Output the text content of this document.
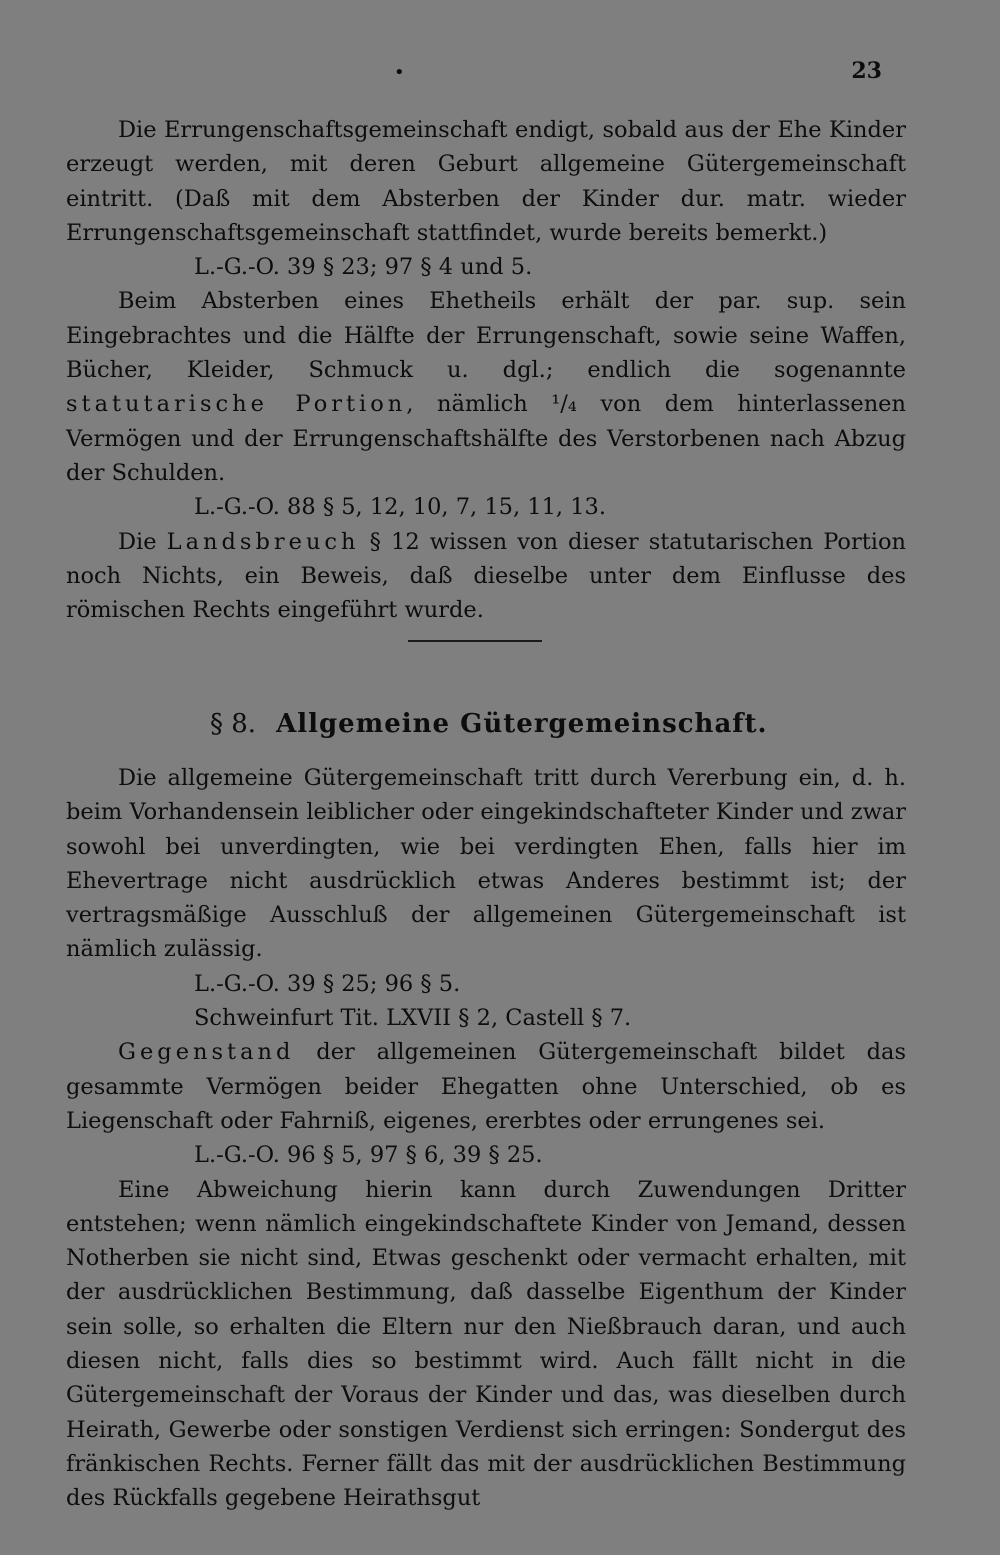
•	23

Die Errungenschaftsgemeinschaft endigt, sobald aus der Ehe Kinder erzeugt werden, mit deren Geburt allgemeine Gütergemeinschaft eintritt. (Daß mit dem Absterben der Kinder dur. matr. wieder Errungenschaftsgemeinschaft stattfindet, wurde bereits bemerkt.)

L.-G.-O. 39 § 23; 97 § 4 und 5.

Beim Absterben eines Ehetheils erhält der par. sup. sein Eingebrachtes und die Hälfte der Errungenschaft, sowie seine Waffen, Bücher, Kleider, Schmuck u. dgl.; endlich die sogenannte statutarische Portion, nämlich ¹/₄ von dem hinterlassenen Vermögen und der Errungenschaftshälfte des Verstorbenen nach Abzug der Schulden.

L.-G.-O. 88 § 5, 12, 10, 7, 15, 11, 13.

Die Landsbreuch § 12 wissen von dieser statutarischen Portion noch Nichts, ein Beweis, daß dieselbe unter dem Einflusse des römischen Rechts eingeführt wurde.

§ 8. Allgemeine Gütergemeinschaft.

Die allgemeine Gütergemeinschaft tritt durch Vererbung ein, d. h. beim Vorhandensein leiblicher oder eingekindschafteter Kinder und zwar sowohl bei unverdingten, wie bei verdingten Ehen, falls hier im Ehevertrage nicht ausdrücklich etwas Anderes bestimmt ist; der vertragsmäßige Ausschluß der allgemeinen Gütergemeinschaft ist nämlich zulässig.

L.-G.-O. 39 § 25; 96 § 5.

Schweinfurt Tit. LXVII § 2, Castell § 7.

Gegenstand der allgemeinen Gütergemeinschaft bildet das gesammte Vermögen beider Ehegatten ohne Unterschied, ob es Liegenschaft oder Fahrniß, eigenes, ererbtes oder errungenes sei.

L.-G.-O. 96 § 5, 97 § 6, 39 § 25.

Eine Abweichung hierin kann durch Zuwendungen Dritter entstehen; wenn nämlich eingekindschaftete Kinder von Jemand, dessen Notherben sie nicht sind, Etwas geschenkt oder vermacht erhalten, mit der ausdrücklichen Bestimmung, daß dasselbe Eigenthum der Kinder sein solle, so erhalten die Eltern nur den Nießbrauch daran, und auch diesen nicht, falls dies so bestimmt wird. Auch fällt nicht in die Gütergemeinschaft der Voraus der Kinder und das, was dieselben durch Heirath, Gewerbe oder sonstigen Verdienst sich erringen: Sondergut des fränkischen Rechts. Ferner fällt das mit der ausdrücklichen Bestimmung des Rückfalls gegebene Heirathsgut
